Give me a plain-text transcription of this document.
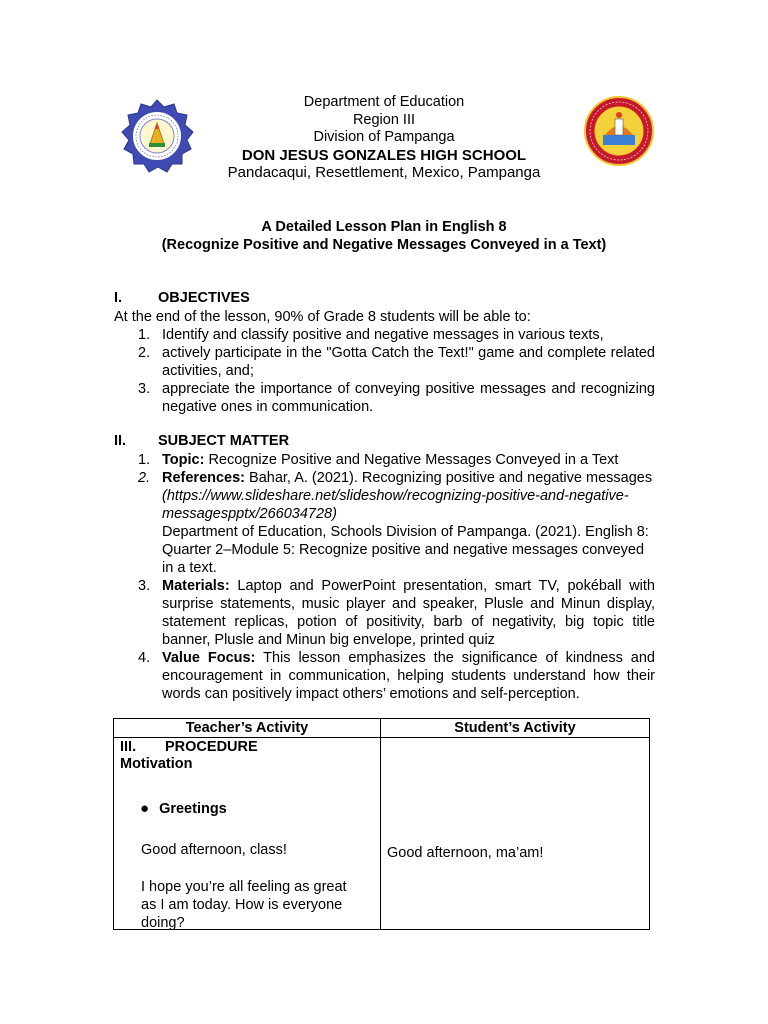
Department of Education
Region III
Division of Pampanga
DON JESUS GONZALES HIGH SCHOOL
Pandacaqui, Resettlement, Mexico, Pampanga
A Detailed Lesson Plan in English 8
(Recognize Positive and Negative Messages Conveyed in a Text)
I. OBJECTIVES
At the end of the lesson, 90% of Grade 8 students will be able to:
1. Identify and classify positive and negative messages in various texts,
2. actively participate in the "Gotta Catch the Text!" game and complete related activities, and;
3. appreciate the importance of conveying positive messages and recognizing negative ones in communication.
II. SUBJECT MATTER
1. Topic: Recognize Positive and Negative Messages Conveyed in a Text
2. References: Bahar, A. (2021). Recognizing positive and negative messages (https://www.slideshare.net/slideshow/recognizing-positive-and-negative-messagespptx/266034728)
Department of Education, Schools Division of Pampanga. (2021). English 8: Quarter 2–Module 5: Recognize positive and negative messages conveyed in a text.
3. Materials: Laptop and PowerPoint presentation, smart TV, pokéball with surprise statements, music player and speaker, Plusle and Minun display, statement replicas, potion of positivity, barb of negativity, big topic title banner, Plusle and Minun big envelope, printed quiz
4. Value Focus: This lesson emphasizes the significance of kindness and encouragement in communication, helping students understand how their words can positively impact others’ emotions and self-perception.
Teacher’s Activity	Student’s Activity

III. PROCEDURE
Motivation
● Greetings
Good afternoon, class!
I hope you’re all feeling as great as I am today. How is everyone doing?	Good afternoon, ma’am!
